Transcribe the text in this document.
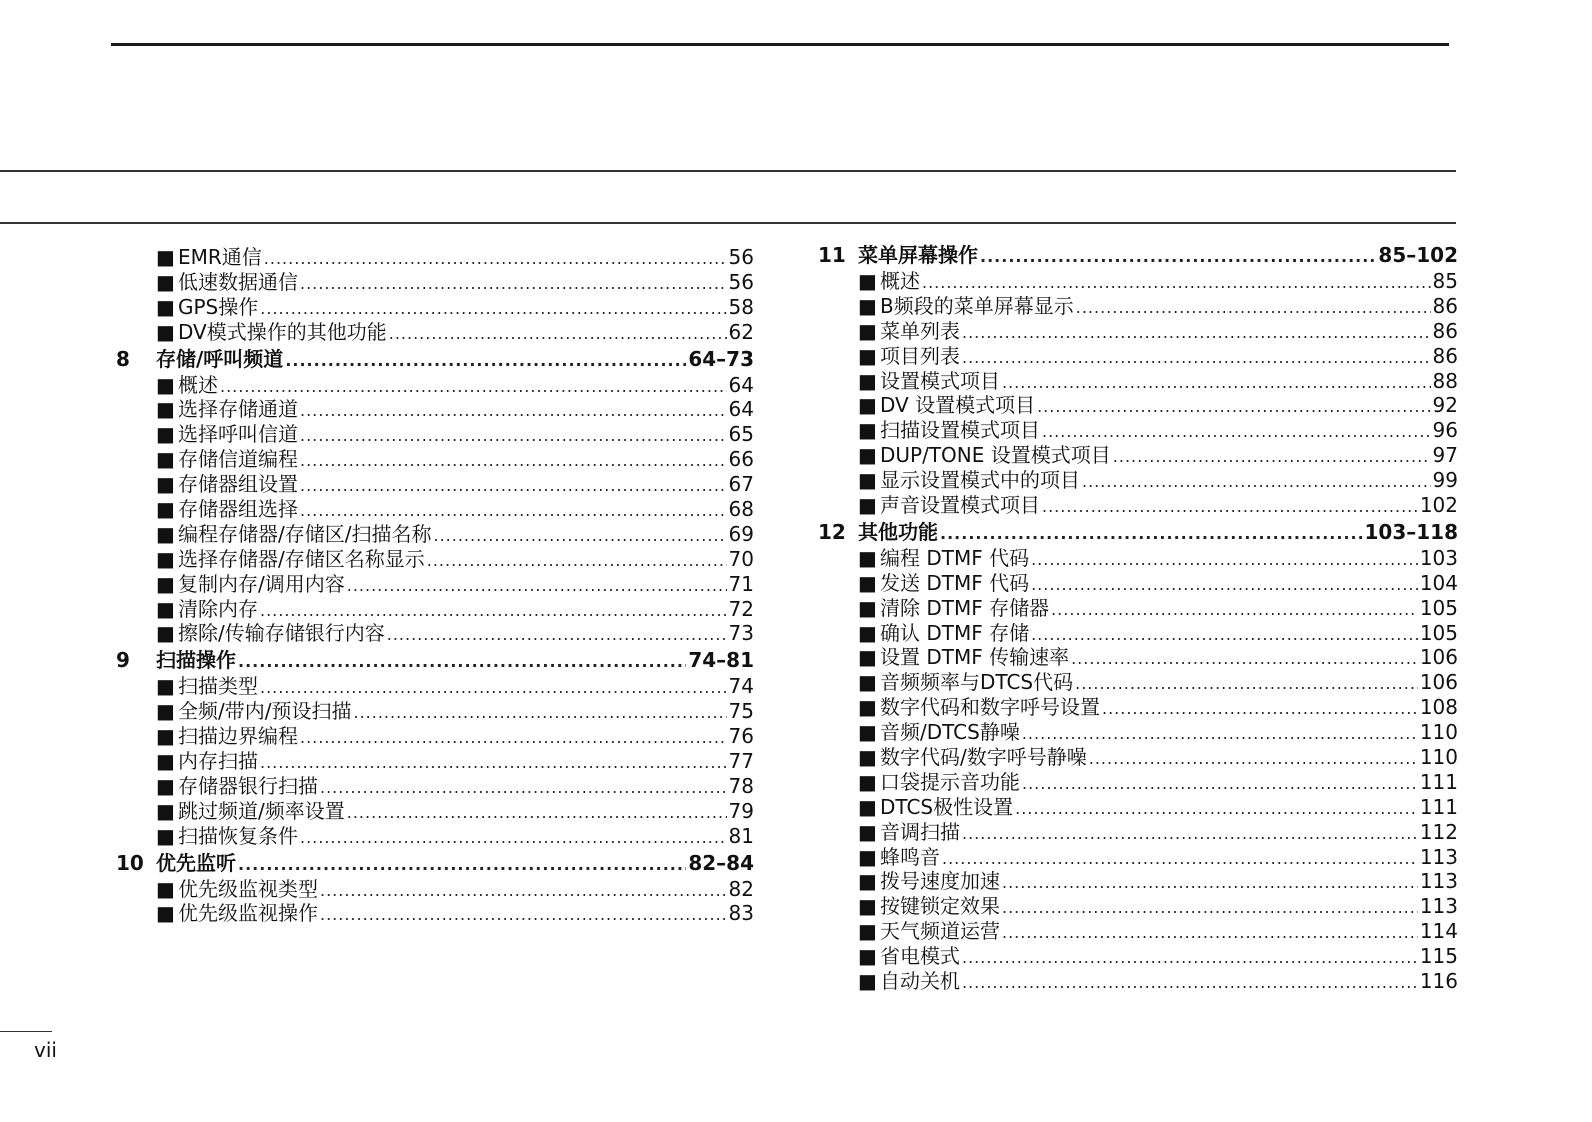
■ EMR通信 .....	56
■ 低速数据通信 .....	56
■ GPS操作 .....	58
■ DV模式操作的其他功能 .....	62
8	存储/呼叫频道 .....	64–73
■ 概述 .....	64
■ 选择存储通道 .....	64
■ 选择呼叫信道 .....	65
■ 存储信道编程 .....	66
■ 存储器组设置 .....	67
■ 存储器组选择 .....	68
■ 编程存储器/存储区/扫描名称 .....	69
■ 选择存储器/存储区名称显示 .....	70
■ 复制内存/调用内容 .....	71
■ 清除内存 .....	72
■ 擦除/传输存储银行内容 .....	73
9	扫描操作 .....	74–81
■ 扫描类型 .....	74
■ 全频/带内/预设扫描 .....	75
■ 扫描边界编程 .....	76
■ 内存扫描 .....	77
■ 存储器银行扫描 .....	78
■ 跳过频道/频率设置 .....	79
■ 扫描恢复条件 .....	81
10 优先监听 .....	82–84
■ 优先级监视类型 .....	82
■ 优先级监视操作 .....	83
11 菜单屏幕操作 .....	85–102
■ 概述 .....	85
■ B频段的菜单屏幕显示 .....	86
■ 菜单列表 .....	86
■ 项目列表 .....	86
■ 设置模式项目 .....	88
■ DV 设置模式项目 .....	92
■ 扫描设置模式项目 .....	96
■ DUP/TONE 设置模式项目 .....	97
■ 显示设置模式中的项目 .....	99
■ 声音设置模式项目 .....	102
12 其他功能 .....	103–118
■ 编程 DTMF 代码 .....	103
■ 发送 DTMF 代码 .....	104
■ 清除 DTMF 存储器 .....	105
■ 确认 DTMF 存储 .....	105
■ 设置 DTMF 传输速率 .....	106
■ 音频频率与DTCS代码 .....	106
■ 数字代码和数字呼号设置 .....	108
■ 音频/DTCS静噪 .....	110
■ 数字代码/数字呼号静噪 .....	110
■ 口袋提示音功能 .....	111
■ DTCS极性设置 .....	111
■ 音调扫描 .....	112
■ 蜂鸣音 .....	113
■ 拨号速度加速 .....	113
■ 按键锁定效果 .....	113
■ 天气频道运营 .....	114
■ 省电模式 .....	115
■ 自动关机 .....	116
vii
